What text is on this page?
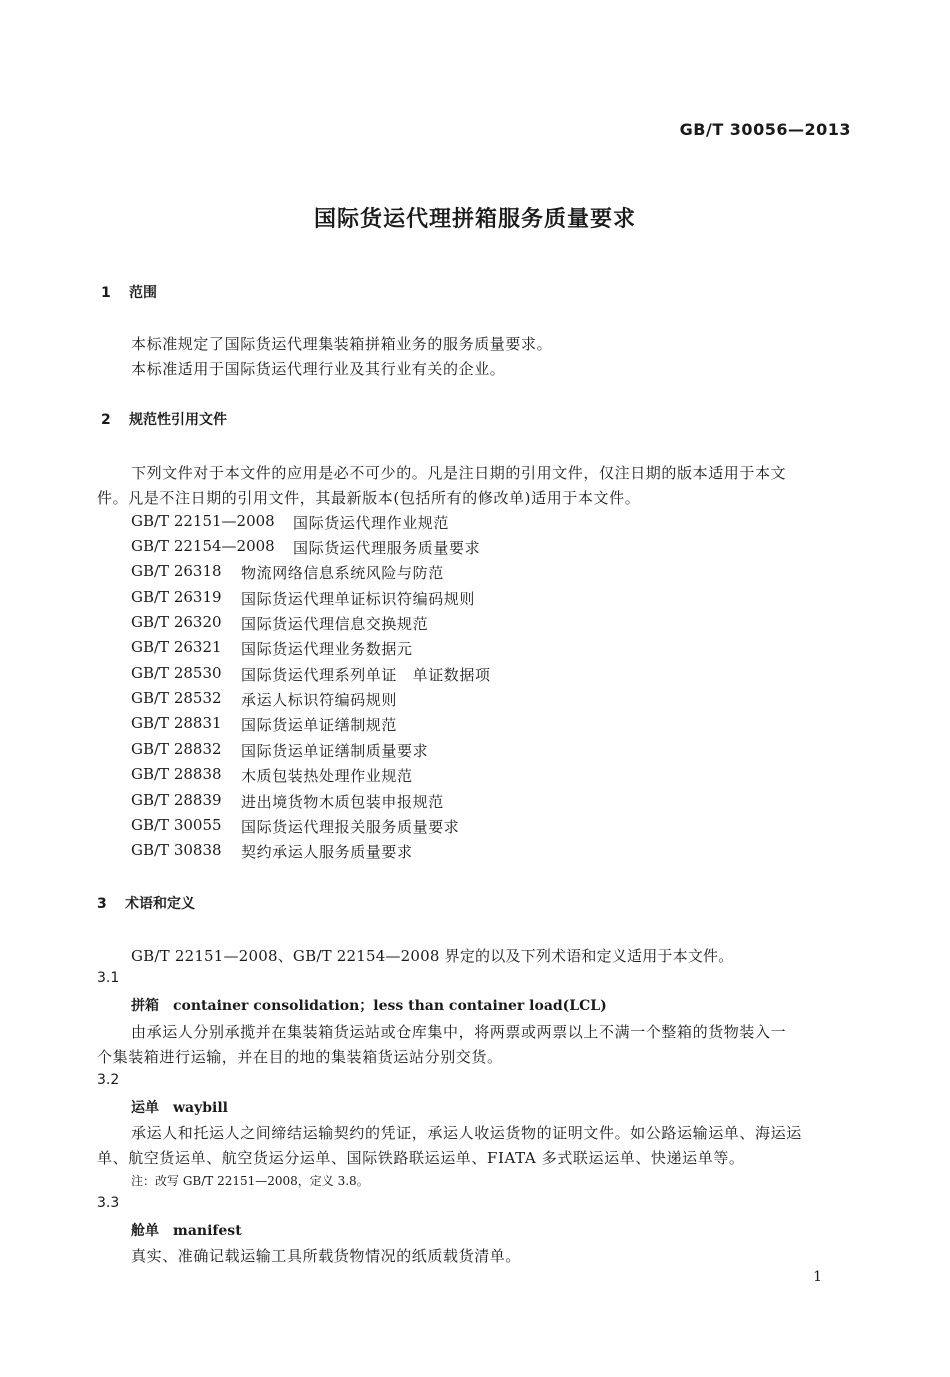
GB/T 30056—2013
国际货运代理拼箱服务质量要求
1 范围
本标准规定了国际货运代理集装箱拼箱业务的服务质量要求。
本标准适用于国际货运代理行业及其行业有关的企业。
2 规范性引用文件
下列文件对于本文件的应用是必不可少的。凡是注日期的引用文件，仅注日期的版本适用于本文
件。凡是不注日期的引用文件，其最新版本(包括所有的修改单)适用于本文件。
GB/T 22151—2008 国际货运代理作业规范
GB/T 22154—2008 国际货运代理服务质量要求
GB/T 26318 物流网络信息系统风险与防范
GB/T 26319 国际货运代理单证标识符编码规则
GB/T 26320 国际货运代理信息交换规范
GB/T 26321 国际货运代理业务数据元
GB/T 28530 国际货运代理系列单证　单证数据项
GB/T 28532 承运人标识符编码规则
GB/T 28831 国际货运单证缮制规范
GB/T 28832 国际货运单证缮制质量要求
GB/T 28838 木质包装热处理作业规范
GB/T 28839 进出境货物木质包装申报规范
GB/T 30055 国际货运代理报关服务质量要求
GB/T 30838 契约承运人服务质量要求
3 术语和定义
GB/T 22151—2008、GB/T 22154—2008 界定的以及下列术语和定义适用于本文件。
3.1
拼箱 container consolidation；less than container load(LCL)
由承运人分别承揽并在集装箱货运站或仓库集中，将两票或两票以上不满一个整箱的货物装入一
个集装箱进行运输，并在目的地的集装箱货运站分别交货。
3.2
运单 waybill
承运人和托运人之间缔结运输契约的凭证，承运人收运货物的证明文件。如公路运输运单、海运运
单、航空货运单、航空货运分运单、国际铁路联运运单、FIATA 多式联运运单、快递运单等。
注：改写 GB/T 22151—2008，定义 3.8。
3.3
舱单 manifest
真实、准确记载运输工具所载货物情况的纸质载货清单。
1
